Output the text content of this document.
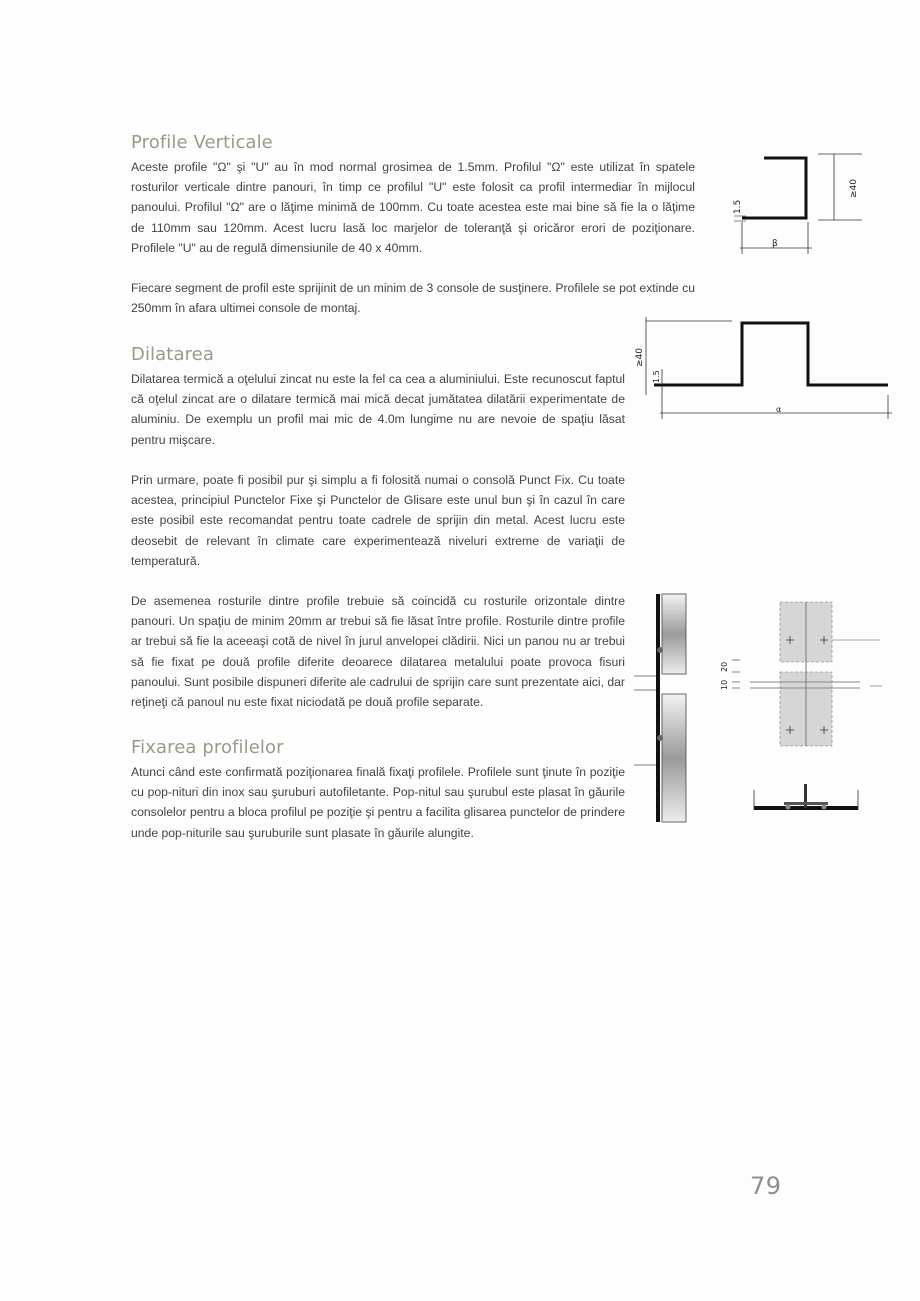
Profile Verticale

Aceste profile "Ω" şi "U" au în mod normal grosimea de 1.5mm. Profilul "Ω" este utilizat în spatele rosturilor verticale dintre panouri, în timp ce profilul "U" este folosit ca profil intermediar în mijlocul panoului. Profilul "Ω" are o lăţime minimă de 100mm. Cu toate acestea este mai bine să fie la o lăţime de 110mm sau 120mm. Acest lucru lasă loc marjelor de toleranţă şi oricăror erori de poziţionare. Profilele "U" au de regulă dimensiunile de 40 x 40mm.

Fiecare segment de profil este sprijinit de un minim de 3 console de susţinere. Profilele se pot extinde cu 250mm în afara ultimei console de montaj.

Dilatarea

Dilatarea termică a oţelului zincat nu este la fel ca cea a aluminiului. Este recunoscut faptul că oţelul zincat are o dilatare termică mai mică decat jumătatea dilatării experimentate de aluminiu. De exemplu un profil mai mic de 4.0m lungime nu are nevoie de spaţiu lăsat pentru mişcare.

Prin urmare, poate fi posibil pur şi simplu a fi folosită numai o consolă Punct Fix. Cu toate acestea, principiul Punctelor Fixe şi Punctelor de Glisare este unul bun şi în cazul în care este posibil este recomandat pentru toate cadrele de sprijin din metal. Acest lucru este deosebit de relevant în climate care experimentează niveluri extreme de variaţii de temperatură.

De asemenea rosturile dintre profile trebuie să coincidă cu rosturile orizontale dintre panouri. Un spaţiu de minim 20mm ar trebui să fie lăsat între profile. Rosturile dintre profile ar trebui să fie la aceeaşi cotă de nivel în jurul anvelopei clădirii. Nici un panou nu ar trebui să fie fixat pe două profile diferite deoarece dilatarea metalului poate provoca fisuri panoului. Sunt posibile dispuneri diferite ale cadrului de sprijin care sunt prezentate aici, dar reţineţi că panoul nu este fixat niciodată pe două profile separate.

Fixarea profilelor

Atunci când este confirmată poziţionarea finală fixaţi profilele. Profilele sunt ţinute în poziţie cu pop-nituri din inox sau şuruburi autofiletante. Pop-nitul sau şurubul este plasat în găurile consolelor pentru a bloca profilul pe poziţie şi pentru a facilita glisarea punctelor de prindere unde pop-niturile sau şuruburile sunt plasate în găurile alungite.

1.5
≥40
β
≥40
1.5
α
20
10
79
